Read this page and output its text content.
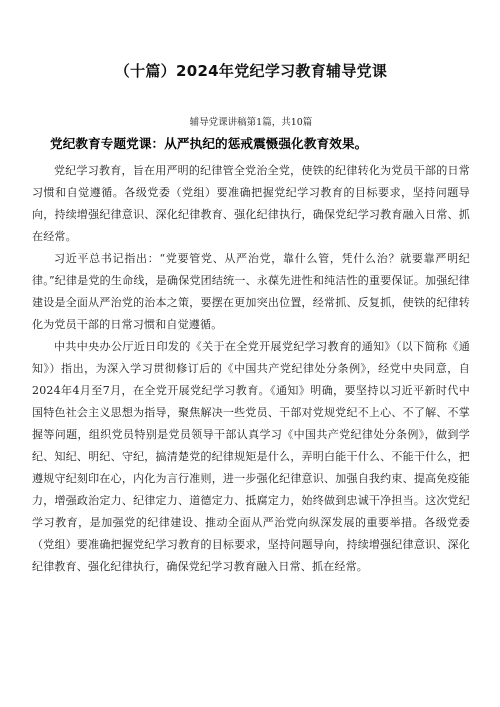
（十篇）2024年党纪学习教育辅导党课
辅导党课讲稿第1篇，共10篇
党纪教育专题党课：从严执纪的惩戒震慑强化教育效果。

党纪学习教育，旨在用严明的纪律管全党治全党，使铁的纪律转化为党员干部的日常习惯和自觉遵循。各级党委（党组）要准确把握党纪学习教育的目标要求，坚持问题导向，持续增强纪律意识、深化纪律教育、强化纪律执行，确保党纪学习教育融入日常、抓在经常。

习近平总书记指出：“党要管党、从严治党，靠什么管，凭什么治？就要靠严明纪律。”纪律是党的生命线，是确保党团结统一、永葆先进性和纯洁性的重要保证。加强纪律建设是全面从严治党的治本之策，要摆在更加突出位置，经常抓、反复抓，使铁的纪律转化为党员干部的日常习惯和自觉遵循。

中共中央办公厅近日印发的《关于在全党开展党纪学习教育的通知》（以下简称《通知》）指出，为深入学习贯彻修订后的《中国共产党纪律处分条例》，经党中央同意，自2024年4月至7月，在全党开展党纪学习教育。《通知》明确，要坚持以习近平新时代中国特色社会主义思想为指导，聚焦解决一些党员、干部对党规党纪不上心、不了解、不掌握等问题，组织党员特别是党员领导干部认真学习《中国共产党纪律处分条例》，做到学纪、知纪、明纪、守纪，搞清楚党的纪律规矩是什么，弄明白能干什么、不能干什么，把遵规守纪刻印在心，内化为言行准则，进一步强化纪律意识、加强自我约束、提高免疫能力，增强政治定力、纪律定力、道德定力、抵腐定力，始终做到忠诚干净担当。这次党纪学习教育，是加强党的纪律建设、推动全面从严治党向纵深发展的重要举措。各级党委（党组）要准确把握党纪学习教育的目标要求，坚持问题导向，持续增强纪律意识、深化纪律教育、强化纪律执行，确保党纪学习教育融入日常、抓在经常。
